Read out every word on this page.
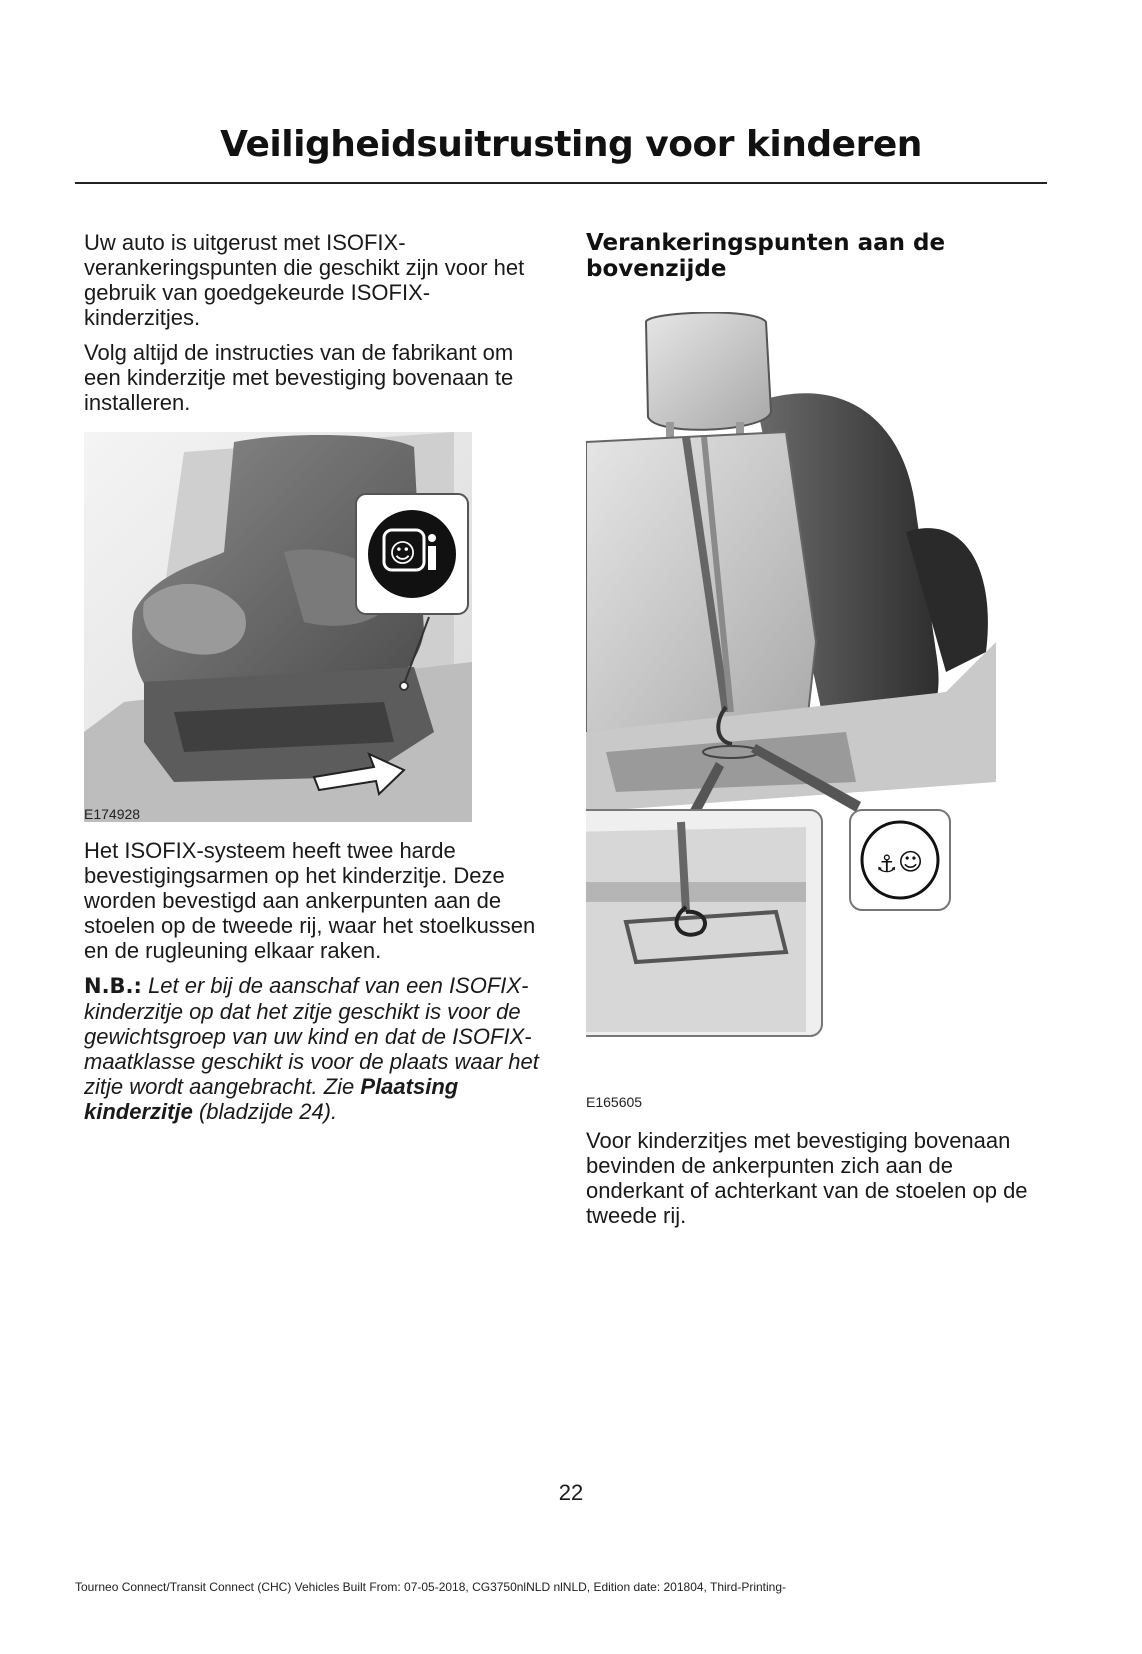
Veiligheidsuitrusting voor kinderen

Uw auto is uitgerust met ISOFIX-verankeringspunten die geschikt zijn voor het gebruik van goedgekeurde ISOFIX-kinderzitjes.

Volg altijd de instructies van de fabrikant om een kinderzitje met bevestiging bovenaan te installeren.

☺
E174928

Het ISOFIX-systeem heeft twee harde bevestigingsarmen op het kinderzitje. Deze worden bevestigd aan ankerpunten aan de stoelen op de tweede rij, waar het stoelkussen en de rugleuning elkaar raken.

N.B.: Let er bij de aanschaf van een ISOFIX-kinderzitje op dat het zitje geschikt is voor de gewichtsgroep van uw kind en dat de ISOFIX-maatklasse geschikt is voor de plaats waar het zitje wordt aangebracht. Zie Plaatsing kinderzitje (bladzijde 24).

Verankeringspunten aan de bovenzijde
⚓ ☺
E165605

Voor kinderzitjes met bevestiging bovenaan bevinden de ankerpunten zich aan de onderkant of achterkant van de stoelen op de tweede rij.

22
Tourneo Connect/Transit Connect (CHC) Vehicles Built From: 07-05-2018, CG3750nlNLD nlNLD, Edition date: 201804, Third-Printing-
